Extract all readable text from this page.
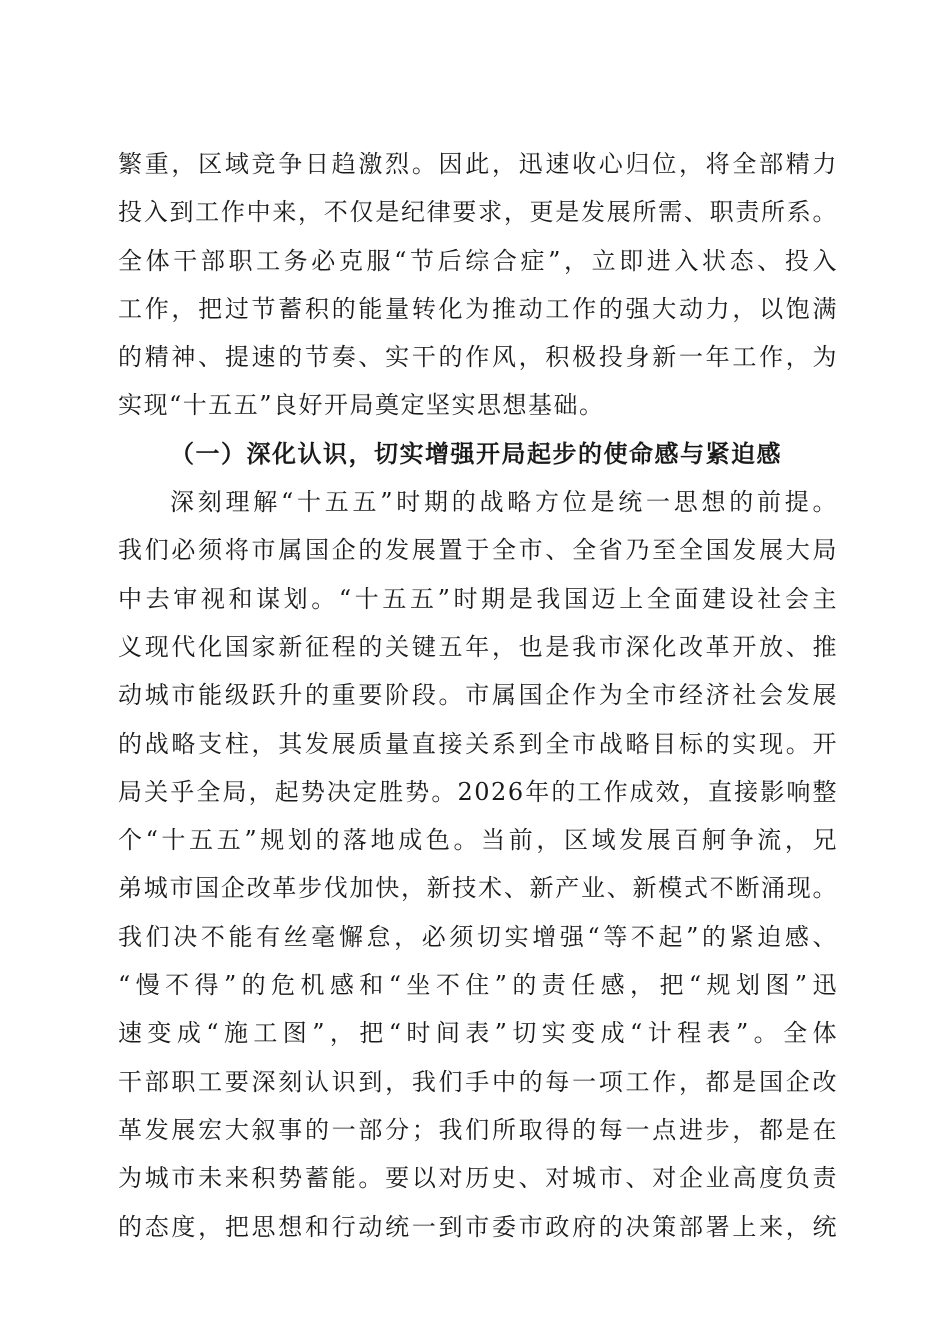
繁重，区域竞争日趋激烈。因此，迅速收心归位，将全部精力
投入到工作中来，不仅是纪律要求，更是发展所需、职责所系。
全体干部职工务必克服“节后综合症”，立即进入状态、投入
工作，把过节蓄积的能量转化为推动工作的强大动力，以饱满
的精神、提速的节奏、实干的作风，积极投身新一年工作，为
实现“十五五”良好开局奠定坚实思想基础。
（一）深化认识，切实增强开局起步的使命感与紧迫感
深刻理解“十五五”时期的战略方位是统一思想的前提。
我们必须将市属国企的发展置于全市、全省乃至全国发展大局
中去审视和谋划。“十五五”时期是我国迈上全面建设社会主
义现代化国家新征程的关键五年，也是我市深化改革开放、推
动城市能级跃升的重要阶段。市属国企作为全市经济社会发展
的战略支柱，其发展质量直接关系到全市战略目标的实现。开
局关乎全局，起势决定胜势。2026年的工作成效，直接影响整
个“十五五”规划的落地成色。当前，区域发展百舸争流，兄
弟城市国企改革步伐加快，新技术、新产业、新模式不断涌现。
我们决不能有丝毫懈怠，必须切实增强“等不起”的紧迫感、
“慢不得”的危机感和“坐不住”的责任感，把“规划图”迅
速变成“施工图”，把“时间表”切实变成“计程表”。全体
干部职工要深刻认识到，我们手中的每一项工作，都是国企改
革发展宏大叙事的一部分；我们所取得的每一点进步，都是在
为城市未来积势蓄能。要以对历史、对城市、对企业高度负责
的态度，把思想和行动统一到市委市政府的决策部署上来，统
